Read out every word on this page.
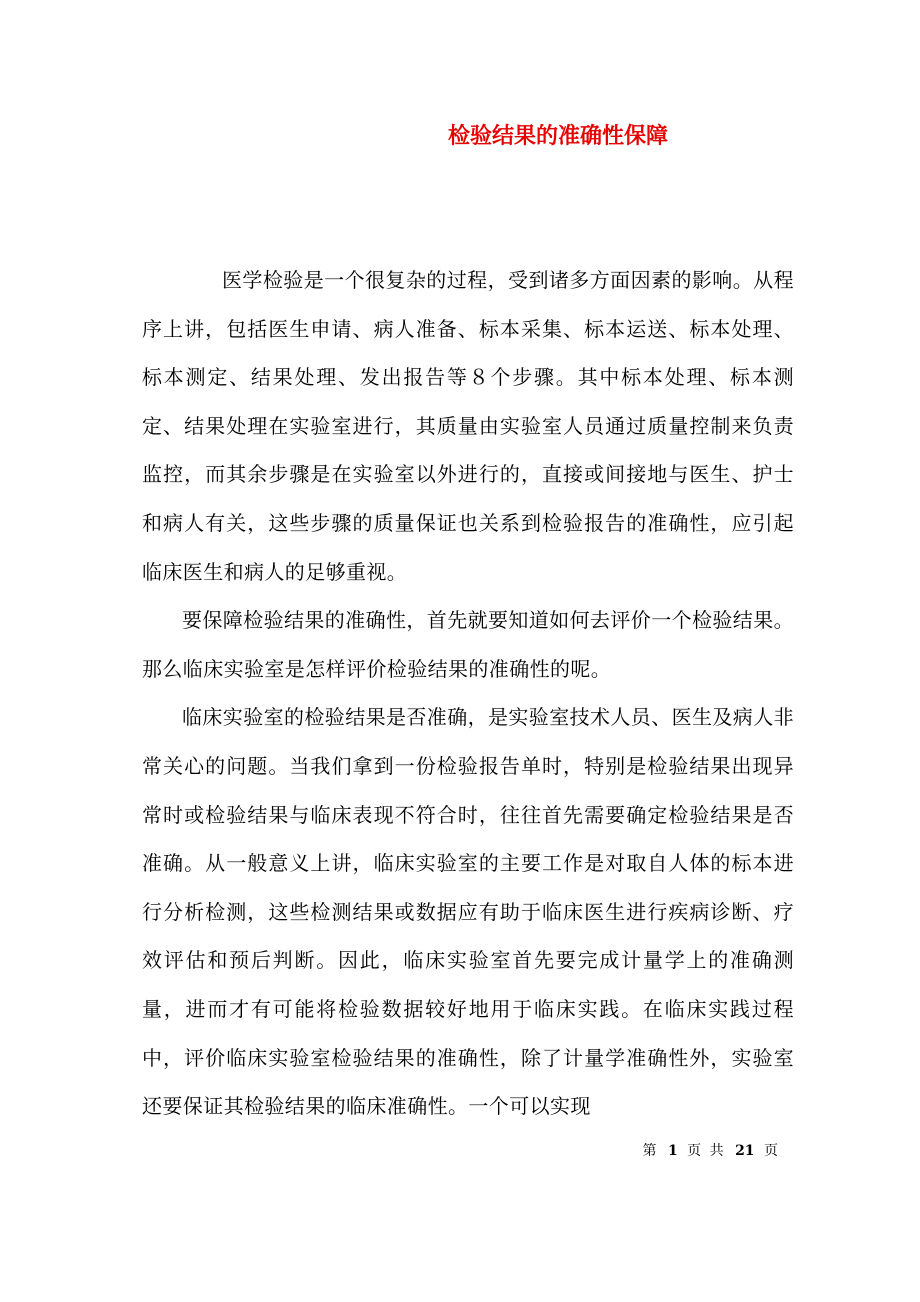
检验结果的准确性保障

医学检验是一个很复杂的过程，受到诸多方面因素的影响。从程序上讲，包括医生申请、病人准备、标本采集、标本运送、标本处理、标本测定、结果处理、发出报告等８个步骤。其中标本处理、标本测定、结果处理在实验室进行，其质量由实验室人员通过质量控制来负责监控，而其余步骤是在实验室以外进行的，直接或间接地与医生、护士和病人有关，这些步骤的质量保证也关系到检验报告的准确性，应引起临床医生和病人的足够重视。

要保障检验结果的准确性，首先就要知道如何去评价一个检验结果。那么临床实验室是怎样评价检验结果的准确性的呢。

临床实验室的检验结果是否准确，是实验室技术人员、医生及病人非常关心的问题。当我们拿到一份检验报告单时，特别是检验结果出现异常时或检验结果与临床表现不符合时，往往首先需要确定检验结果是否准确。从一般意义上讲，临床实验室的主要工作是对取自人体的标本进行分析检测，这些检测结果或数据应有助于临床医生进行疾病诊断、疗效评估和预后判断。因此，临床实验室首先要完成计量学上的准确测量，进而才有可能将检验数据较好地用于临床实践。在临床实践过程中，评价临床实验室检验结果的准确性，除了计量学准确性外，实验室还要保证其检验结果的临床准确性。一个可以实现

第 1 页 共 21 页
